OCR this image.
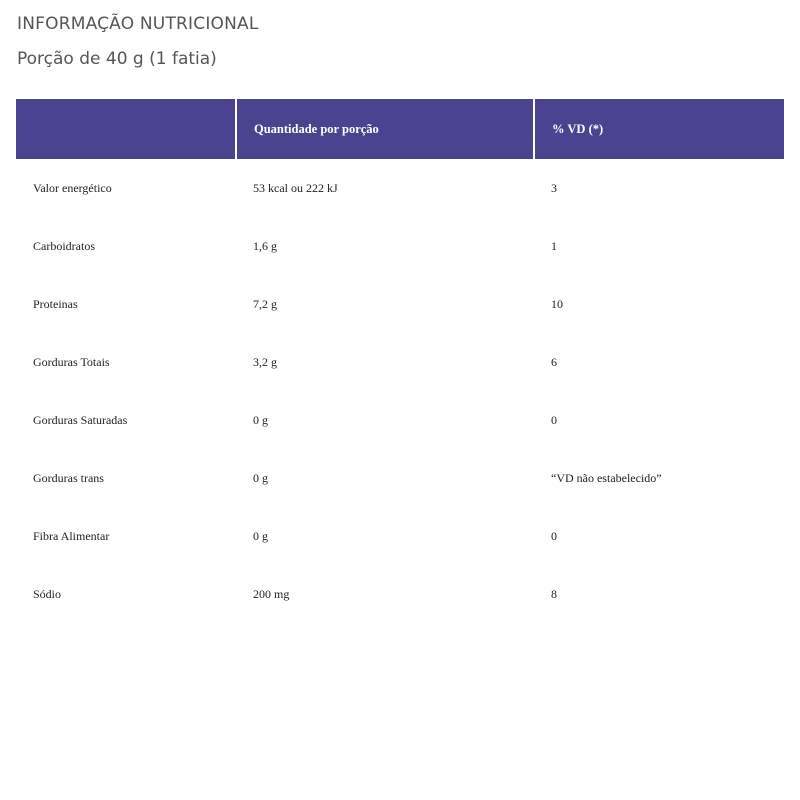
INFORMAÇÃO NUTRICIONAL
Porção de 40 g (1 fatia)
	Quantidade por porção	% VD (*)
Valor energético	53 kcal ou 222 kJ	3
Carboidratos	1,6 g	1
Proteinas	7,2 g	10
Gorduras Totais	3,2 g	6
Gorduras Saturadas	0 g	0
Gorduras trans	0 g	“VD não estabelecido”
Fibra Alimentar	0 g	0
Sódio	200 mg	8
